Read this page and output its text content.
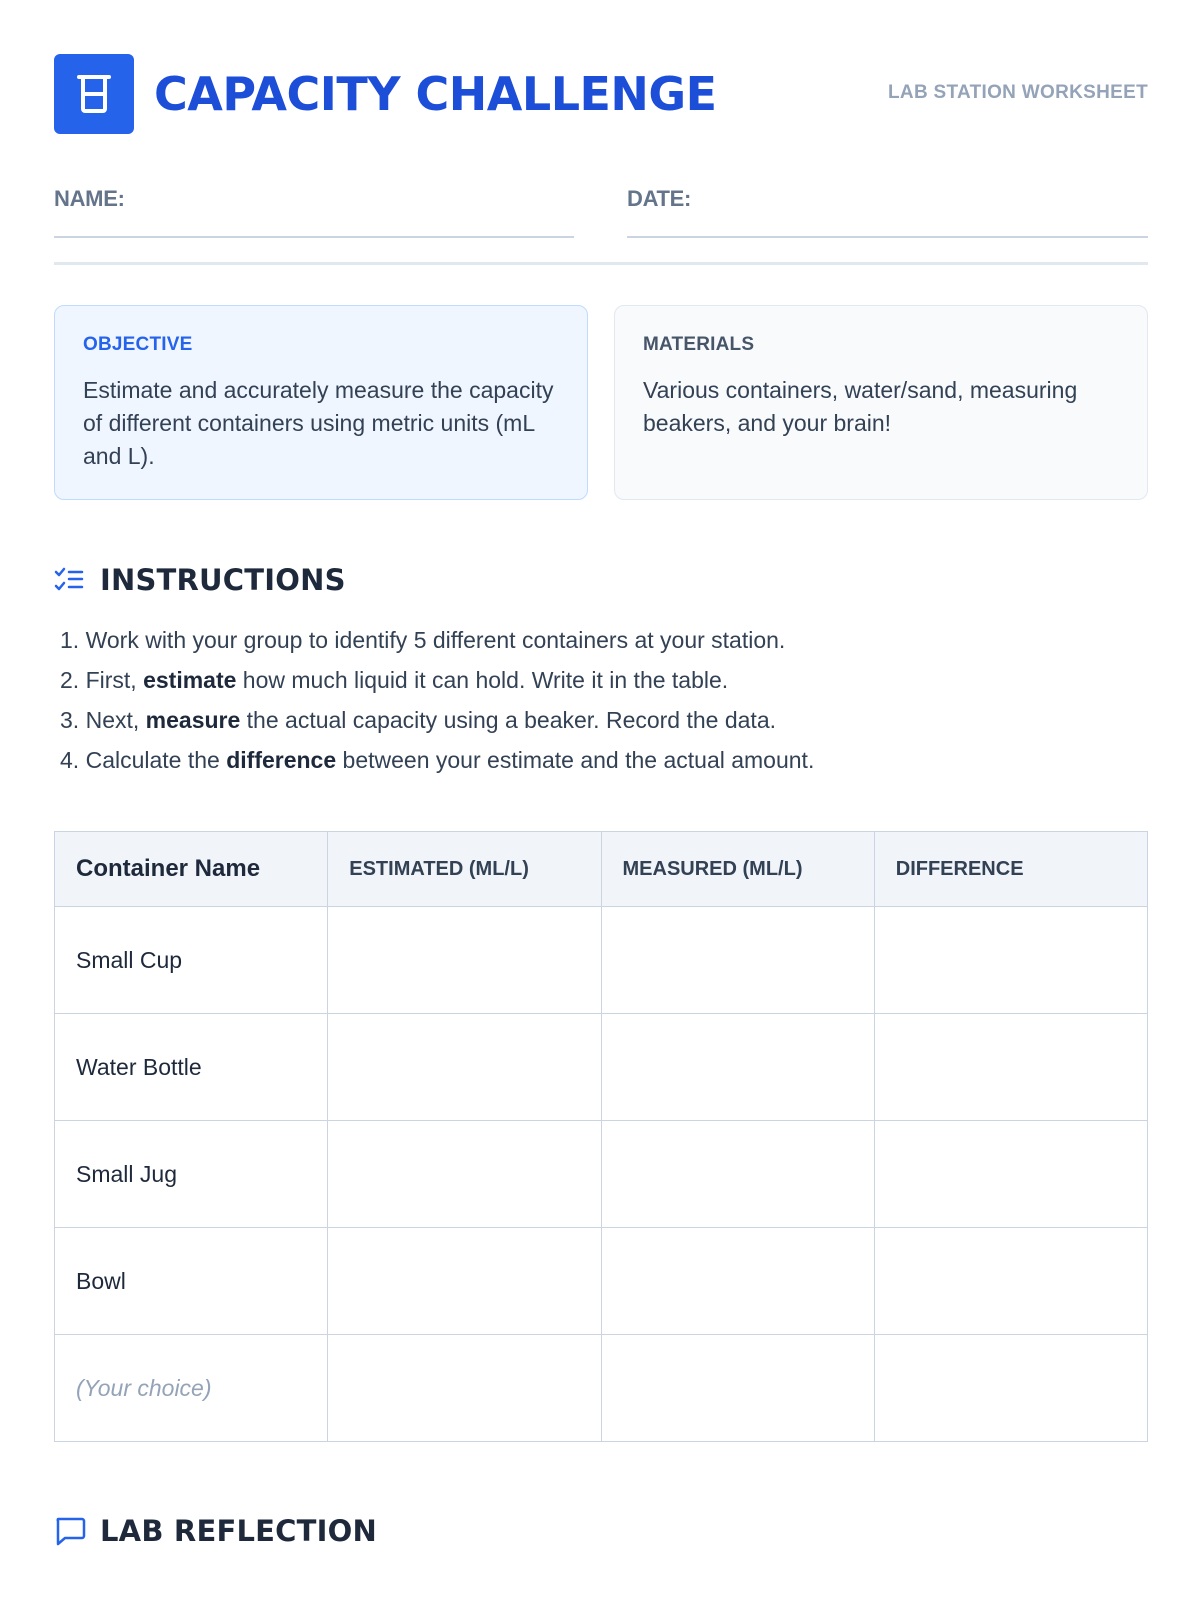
CAPACITY CHALLENGE	LAB STATION WORKSHEET
NAME:	DATE:
OBJECTIVE
Estimate and accurately measure the capacity of different containers using metric units (mL and L).
MATERIALS
Various containers, water/sand, measuring beakers, and your brain!
INSTRUCTIONS
1. Work with your group to identify 5 different containers at your station.
2. First, estimate how much liquid it can hold. Write it in the table.
3. Next, measure the actual capacity using a beaker. Record the data.
4. Calculate the difference between your estimate and the actual amount.
Container Name	ESTIMATED (ML/L)	MEASURED (ML/L)	DIFFERENCE
Small Cup			
Water Bottle			
Small Jug			
Bowl			
(Your choice)			
LAB REFLECTION
